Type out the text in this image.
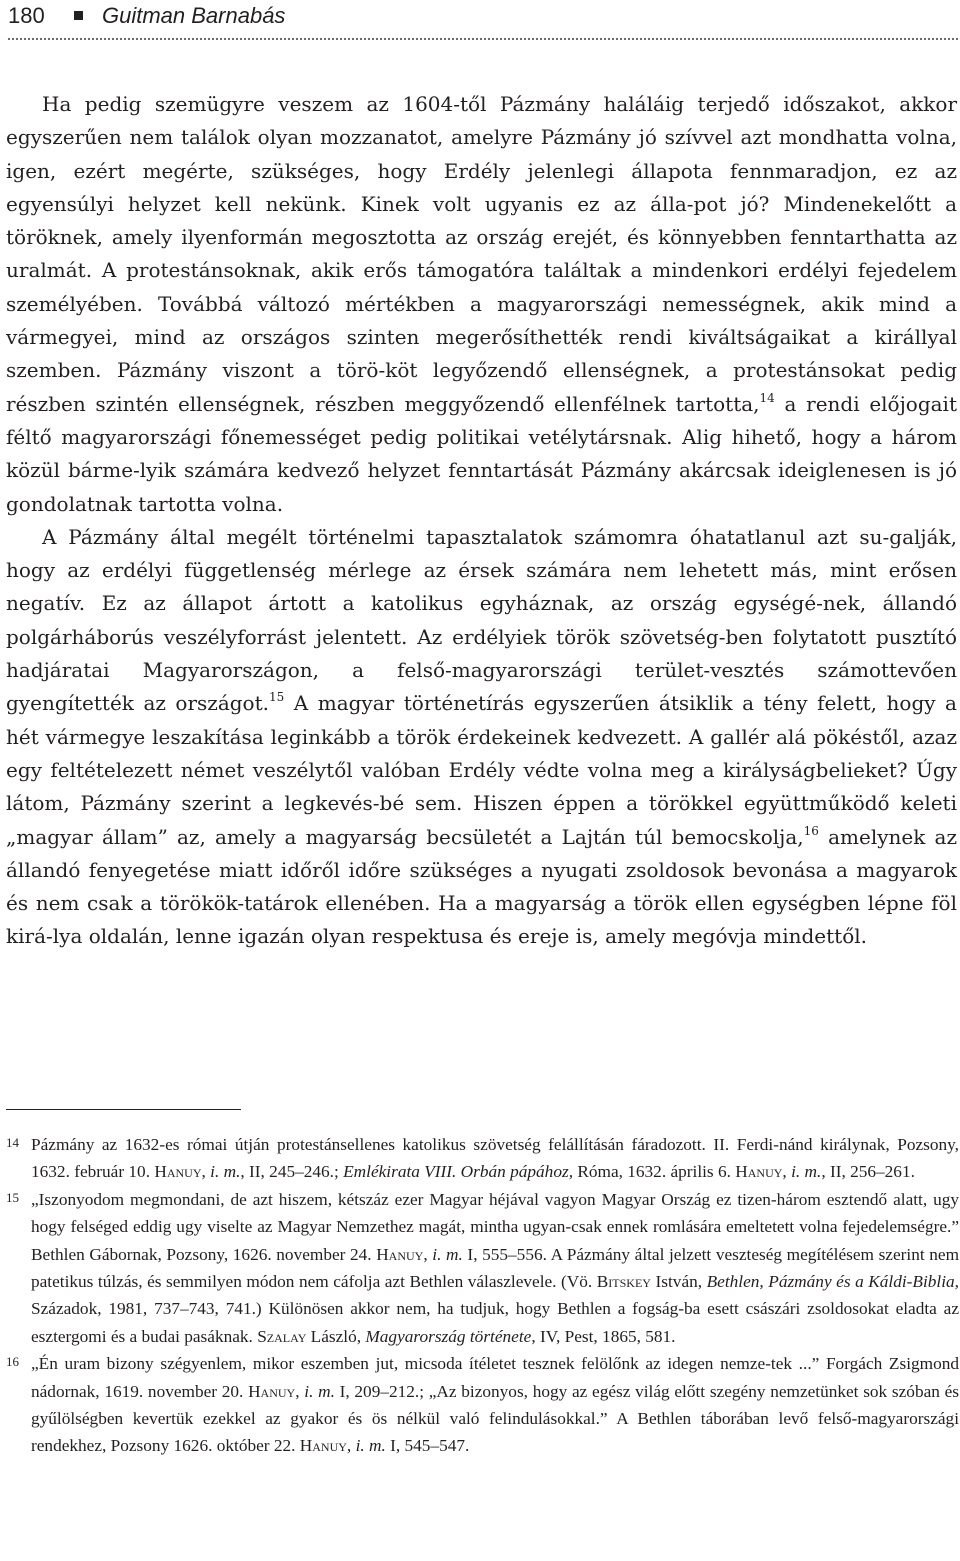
180	Guitman Barnabás

Ha pedig szemügyre veszem az 1604-től Pázmány haláláig terjedő időszakot, akkor egyszerűen nem találok olyan mozzanatot, amelyre Pázmány jó szívvel azt mondhatta volna, igen, ezért megérte, szükséges, hogy Erdély jelenlegi állapota fennmaradjon, ez az egyensúlyi helyzet kell nekünk. Kinek volt ugyanis ez az álla-pot jó? Mindenekelőtt a töröknek, amely ilyenformán megosztotta az ország erejét, és könnyebben fenntarthatta az uralmát. A protestánsoknak, akik erős támogatóra találtak a mindenkori erdélyi fejedelem személyében. Továbbá változó mértékben a magyarországi nemességnek, akik mind a vármegyei, mind az országos szinten megerősíthették rendi kiváltságaikat a királlyal szemben. Pázmány viszont a törö-köt legyőzendő ellenségnek, a protestánsokat pedig részben szintén ellenségnek, részben meggyőzendő ellenfélnek tartotta,$^{14}$ a rendi előjogait féltő magyarországi főnemességet pedig politikai vetélytársnak. Alig hihető, hogy a három közül bárme-lyik számára kedvező helyzet fenntartását Pázmány akárcsak ideiglenesen is jó gondolatnak tartotta volna.

A Pázmány által megélt történelmi tapasztalatok számomra óhatatlanul azt su-galják, hogy az erdélyi függetlenség mérlege az érsek számára nem lehetett más, mint erősen negatív. Ez az állapot ártott a katolikus egyháznak, az ország egységé-nek, állandó polgárháborús veszélyforrást jelentett. Az erdélyiek török szövetség-ben folytatott pusztító hadjáratai Magyarországon, a felső-magyarországi terület-vesztés számottevően gyengítették az országot.$^{15}$ A magyar történetírás egyszerűen átsiklik a tény felett, hogy a hét vármegye leszakítása leginkább a török érdekeinek kedvezett. A gallér alá pökéstől, azaz egy feltételezett német veszélytől valóban Erdély védte volna meg a királyságbelieket? Úgy látom, Pázmány szerint a legkevés-bé sem. Hiszen éppen a törökkel együttműködő keleti „magyar állam” az, amely a magyarság becsületét a Lajtán túl bemocskolja,$^{16}$ amelynek az állandó fenyegetése miatt időről időre szükséges a nyugati zsoldosok bevonása a magyarok és nem csak a törökök-tatárok ellenében. Ha a magyarság a török ellen egységben lépne föl kirá-lya oldalán, lenne igazán olyan respektusa és ereje is, amely megóvja mindettől.

14 Pázmány az 1632-es római útján protestánsellenes katolikus szövetség felállításán fáradozott. II. Ferdi-nánd királynak, Pozsony, 1632. február 10. Hanuy, i. m., II, 245–246.; Emlékirata VIII. Orbán pápához, Róma, 1632. április 6. Hanuy, i. m., II, 256–261.

15 „Iszonyodom megmondani, de azt hiszem, kétszáz ezer Magyar héjával vagyon Magyar Ország ez tizen-három esztendő alatt, ugy hogy felséged eddig ugy viselte az Magyar Nemzethez magát, mintha ugyan-csak ennek romlására emeltetett volna fejedelemségre.” Bethlen Gábornak, Pozsony, 1626. november 24. Hanuy, i. m. I, 555–556. A Pázmány által jelzett veszteség megítélésem szerint nem patetikus túlzás, és semmilyen módon nem cáfolja azt Bethlen válaszlevele. (Vö. Bitskey István, Bethlen, Pázmány és a Káldi-Biblia, Századok, 1981, 737–743, 741.) Különösen akkor nem, ha tudjuk, hogy Bethlen a fogság-ba esett császári zsoldosokat eladta az esztergomi és a budai pasáknak. Szalay László, Magyarország története, IV, Pest, 1865, 581.

16 „Én uram bizony szégyenlem, mikor eszemben jut, micsoda ítéletet tesznek felölőnk az idegen nemze-tek ...” Forgách Zsigmond nádornak, 1619. november 20. Hanuy, i. m. I, 209–212.; „Az bizonyos, hogy az egész világ előtt szegény nemzetünket sok szóban és gyűlölségben kevertük ezekkel az gyakor és ös nélkül való felindulásokkal.” A Bethlen táborában levő felső-magyarországi rendekhez, Pozsony 1626. október 22. Hanuy, i. m. I, 545–547.
